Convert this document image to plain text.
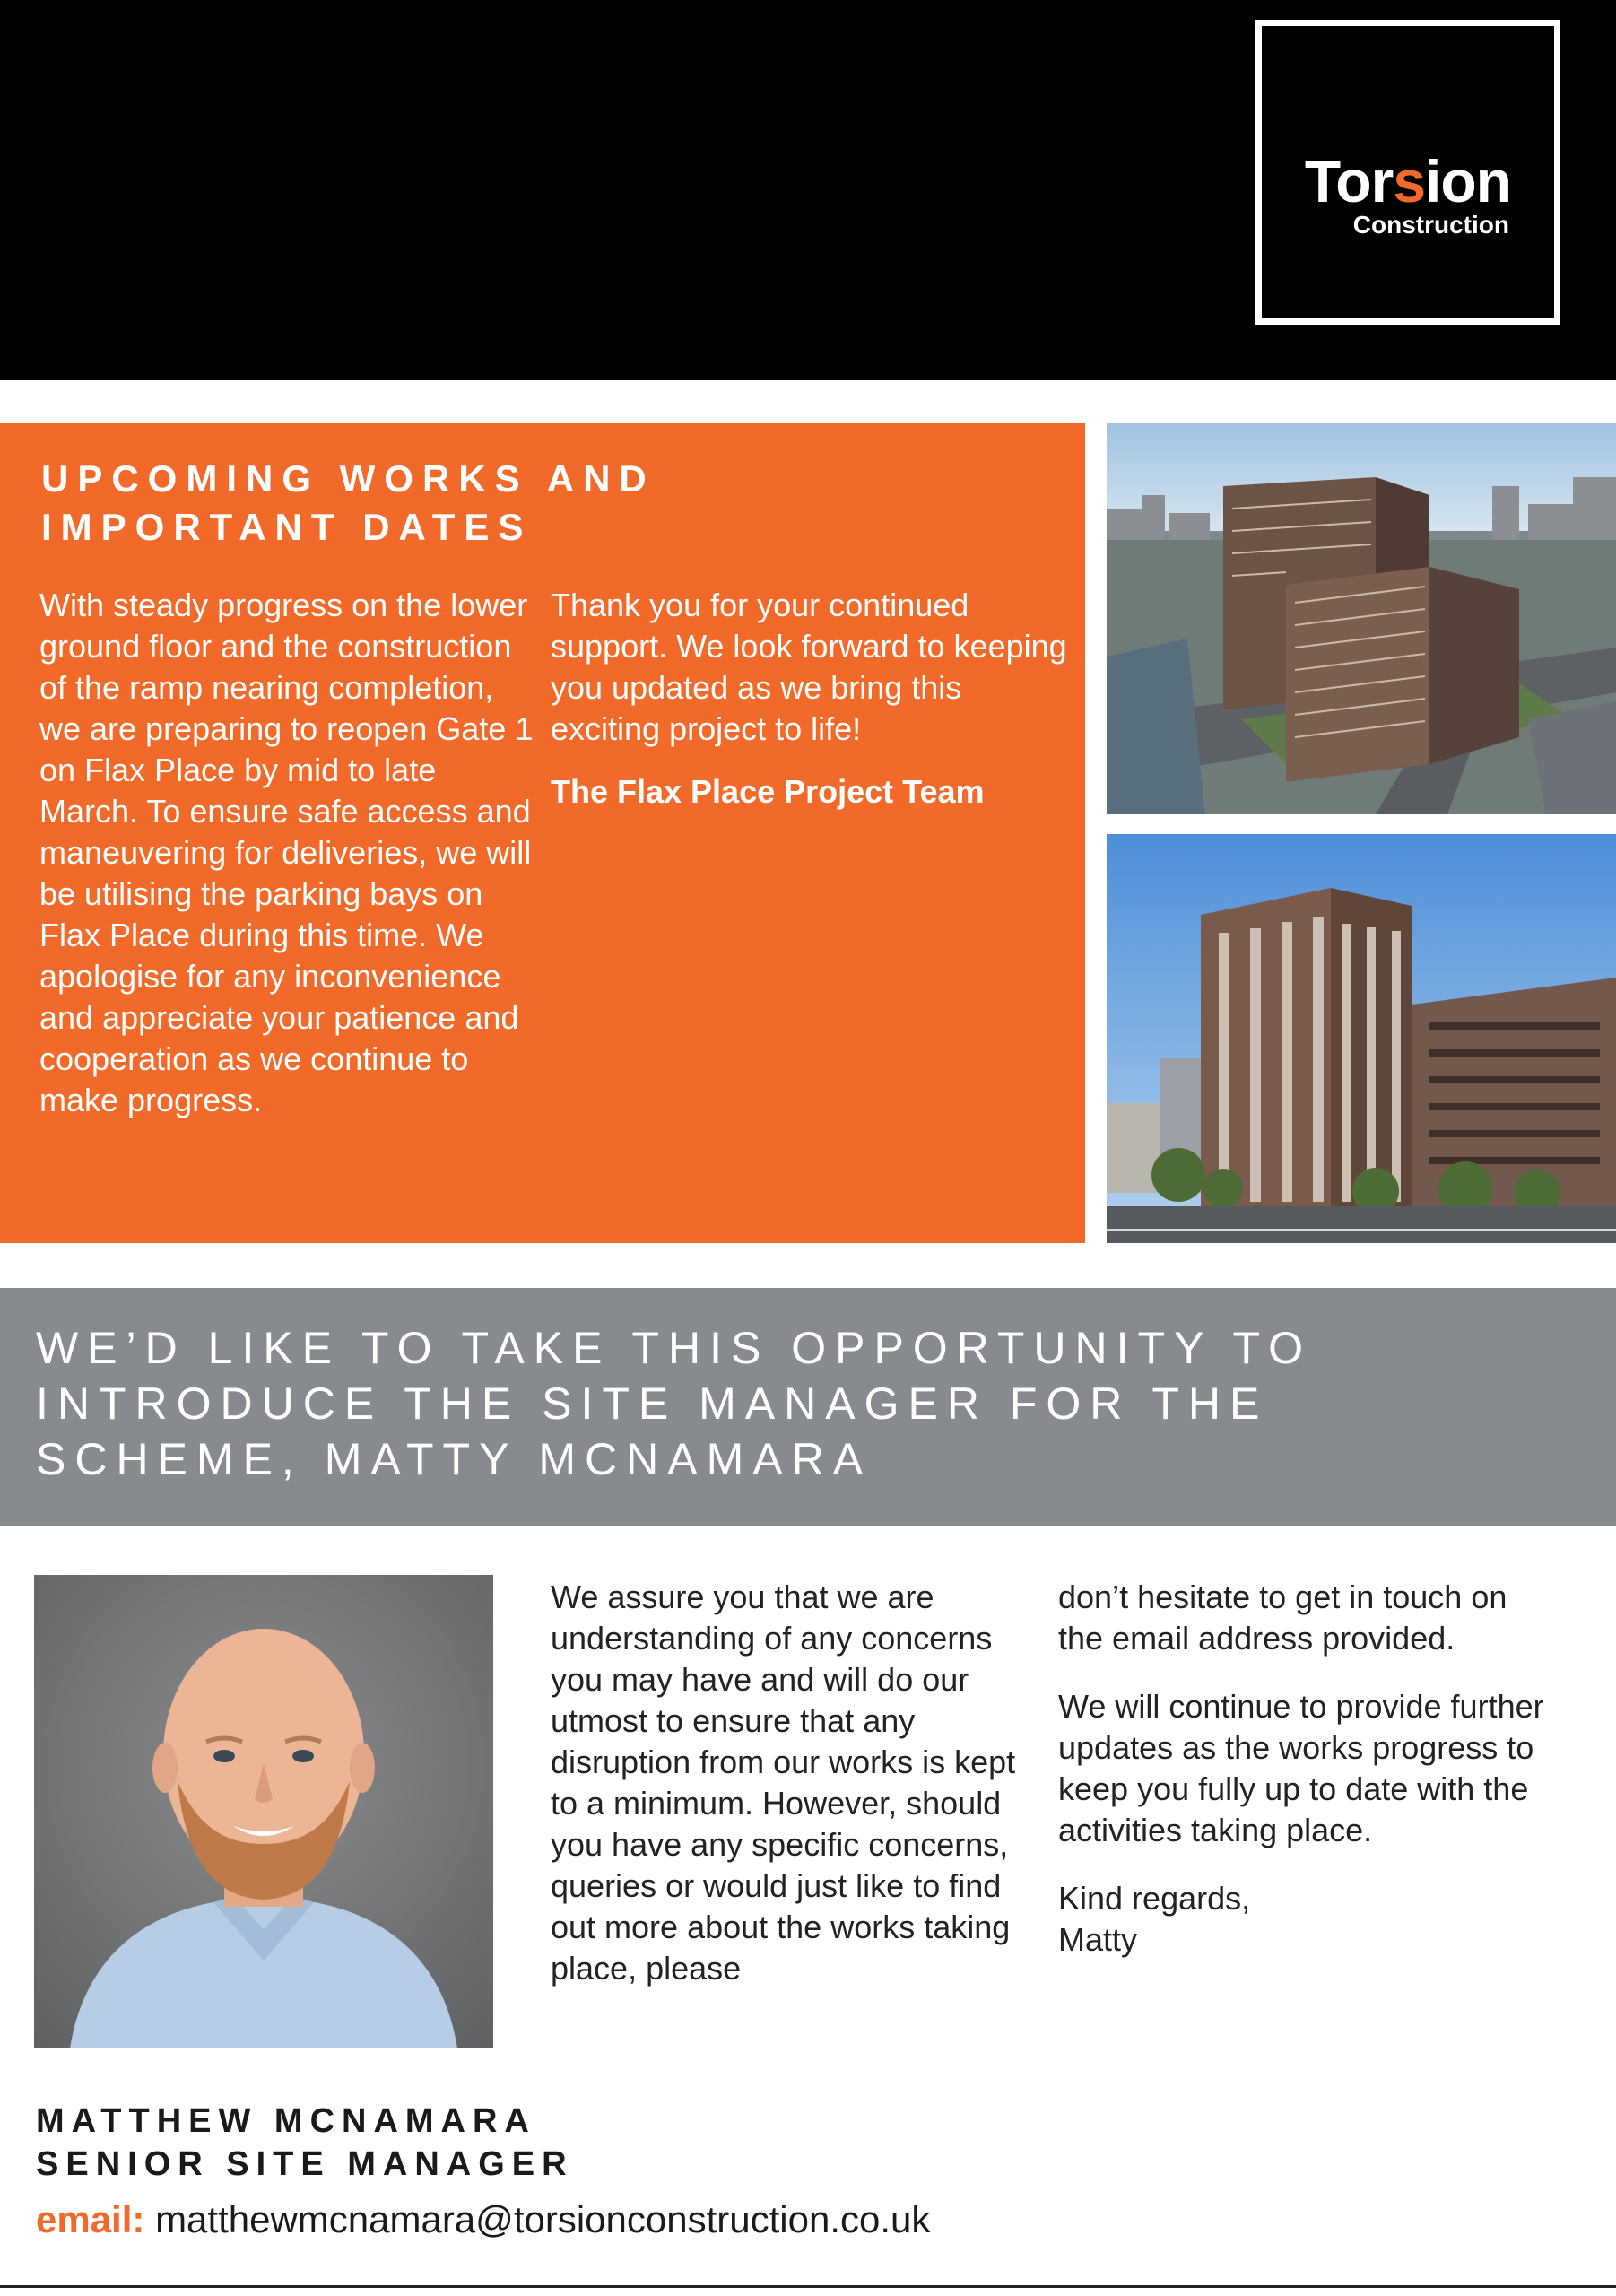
Torsion
Construction
UPCOMING WORKS AND
IMPORTANT DATES
With steady progress on the lower ground floor and the construction of the ramp nearing completion, we are preparing to reopen Gate 1 on Flax Place by mid to late March. To ensure safe access and maneuvering for deliveries, we will be utilising the parking bays on Flax Place during this time. We apologise for any inconvenience and appreciate your patience and cooperation as we continue to make progress.
Thank you for your continued support. We look forward to keeping you updated as we bring this exciting project to life!
The Flax Place Project Team
WE’D LIKE TO TAKE THIS OPPORTUNITY TO
INTRODUCE THE SITE MANAGER FOR THE
SCHEME, MATTY MCNAMARA
We assure you that we are understanding of any concerns you may have and will do our utmost to ensure that any disruption from our works is kept to a minimum. However, should you have any specific concerns, queries or would just like to find out more about the works taking place, please

don’t hesitate to get in touch on the email address provided.

We will continue to provide further updates as the works progress to keep you fully up to date with the activities taking place.

Kind regards,
Matty

MATTHEW MCNAMARA
SENIOR SITE MANAGER
email: matthewmcnamara@torsionconstruction.co.uk
